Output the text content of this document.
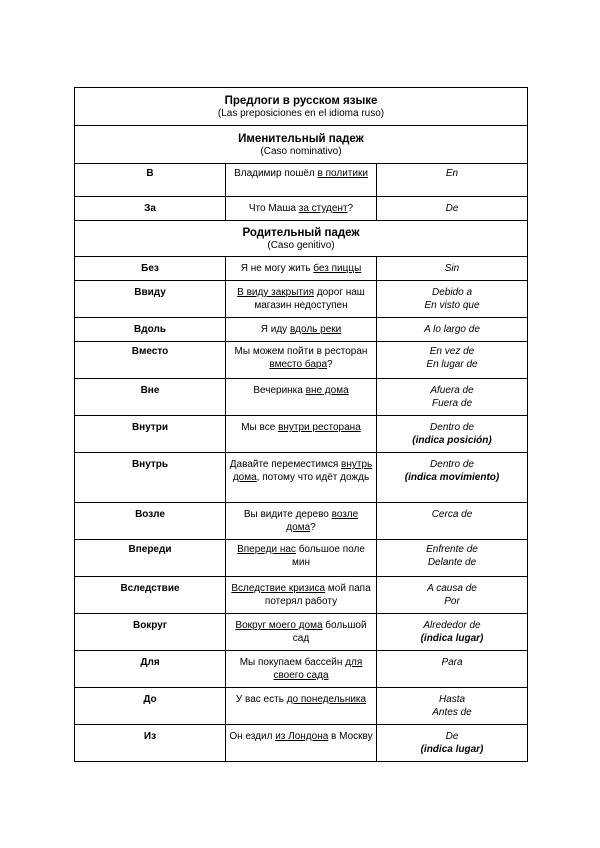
Предлоги в русском языке
(Las preposiciones en el idioma ruso)		

Именительный падеж
(Caso nominativo)		

В	Владимир пошёл в политики	En

За	Что Маша за студент?	De

Родительный падеж
(Caso genitivo)		

Без	Я не могу жить без пиццы	Sin

Ввиду	В виду закрытия дорог наш магазин недоступен	Debido a
En visto que

Вдоль	Я иду вдоль реки	A lo largo de

Вместо	Мы можем пойти в ресторан вместо бара?	En vez de
En lugar de

Вне	Вечеринка вне дома	Afuera de
Fuera de

Внутри	Мы все внутри ресторана	Dentro de
(indica posición)

Внутрь	Давайте переместимся внутрь дома, потому что идёт дождь	Dentro de
(indica movimiento)

Возле	Вы видите дерево возле дома?	Cerca de

Впереди	Впереди нас большое поле мин	Enfrente de
Delante de

Вследствие	Вследствие кризиса мой папа потерял работу	A causa de
Por

Вокруг	Вокруг моего дома большой сад	Alrededor de
(indica lugar)

Для	Мы покупаем бассейн для своего сада	Para

До	У вас есть до понедельника	Hasta
Antes de

Из	Он ездил из Лондона в Москву	De
(indica lugar)
